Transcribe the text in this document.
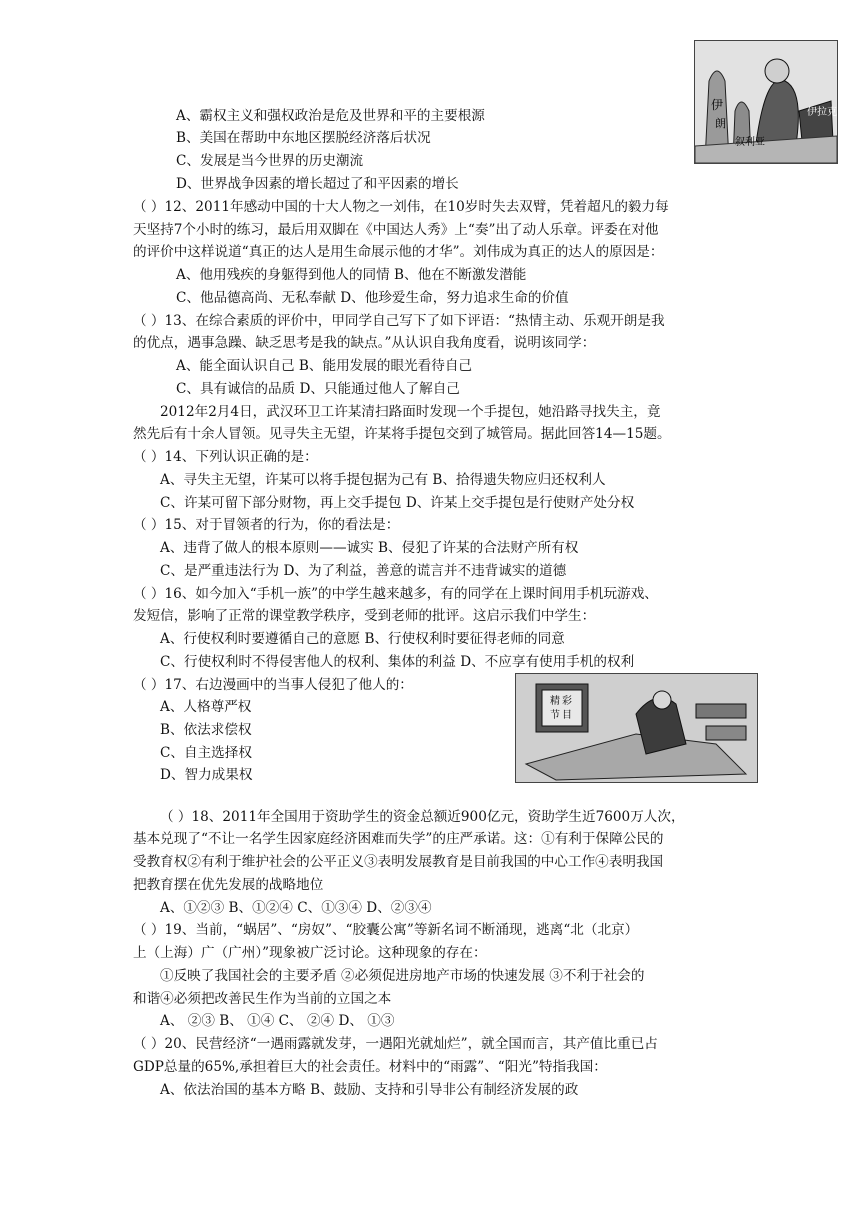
伊
朗
伊拉克
叙利亚
精 彩
节 目
A、霸权主义和强权政治是危及世界和平的主要根源
B、美国在帮助中东地区摆脱经济落后状况
C、发展是当今世界的历史潮流
D、世界战争因素的增长超过了和平因素的增长
（ ）12、2011年感动中国的十大人物之一刘伟，在10岁时失去双臂，凭着超凡的毅力每
天坚持7个小时的练习，最后用双脚在《中国达人秀》上“奏”出了动人乐章。评委在对他
的评价中这样说道“真正的达人是用生命展示他的才华”。刘伟成为真正的达人的原因是：
A、他用残疾的身躯得到他人的同情 B、他在不断激发潜能
C、他品德高尚、无私奉献 D、他珍爱生命，努力追求生命的价值
（ ）13、在综合素质的评价中，甲同学自己写下了如下评语：“热情主动、乐观开朗是我
的优点，遇事急躁、缺乏思考是我的缺点。”从认识自我角度看，说明该同学：
A、能全面认识自己 B、能用发展的眼光看待自己
C、具有诚信的品质 D、只能通过他人了解自己
2012年2月4日，武汉环卫工许某清扫路面时发现一个手提包，她沿路寻找失主，竟
然先后有十余人冒领。见寻失主无望，许某将手提包交到了城管局。据此回答14—15题。
（ ）14、下列认识正确的是：
A、寻失主无望，许某可以将手提包据为己有 B、拾得遗失物应归还权利人
C、许某可留下部分财物，再上交手提包 D、许某上交手提包是行使财产处分权
（ ）15、对于冒领者的行为，你的看法是：
A、违背了做人的根本原则——诚实 B、侵犯了许某的合法财产所有权
C、是严重违法行为 D、为了利益，善意的谎言并不违背诚实的道德
（ ）16、如今加入“手机一族”的中学生越来越多，有的同学在上课时间用手机玩游戏、
发短信，影响了正常的课堂教学秩序，受到老师的批评。这启示我们中学生：
A、行使权利时要遵循自己的意愿 B、行使权利时要征得老师的同意
C、行使权利时不得侵害他人的权利、集体的利益 D、不应享有使用手机的权利
（ ）17、右边漫画中的当事人侵犯了他人的：
A、人格尊严权
B、依法求偿权
C、自主选择权
D、智力成果权
（ ）18、2011年全国用于资助学生的资金总额近900亿元，资助学生近7600万人次，
基本兑现了“不让一名学生因家庭经济困难而失学”的庄严承诺。这：①有利于保障公民的
受教育权②有利于维护社会的公平正义③表明发展教育是目前我国的中心工作④表明我国
把教育摆在优先发展的战略地位
A、①②③ B、①②④ C、①③④ D、②③④
（ ）19、当前，“蜗居”、“房奴”、“胶囊公寓”等新名词不断涌现，逃离“北（北京）
上（上海）广（广州）”现象被广泛讨论。这种现象的存在：
①反映了我国社会的主要矛盾 ②必须促进房地产市场的快速发展 ③不利于社会的
和谐④必须把改善民生作为当前的立国之本
A、 ②③ B、 ①④ C、 ②④ D、 ①③
（ ）20、民营经济“一遇雨露就发芽，一遇阳光就灿烂”，就全国而言，其产值比重已占
GDP总量的65%,承担着巨大的社会责任。材料中的“雨露”、“阳光”特指我国：
A、依法治国的基本方略 B、鼓励、支持和引导非公有制经济发展的政
